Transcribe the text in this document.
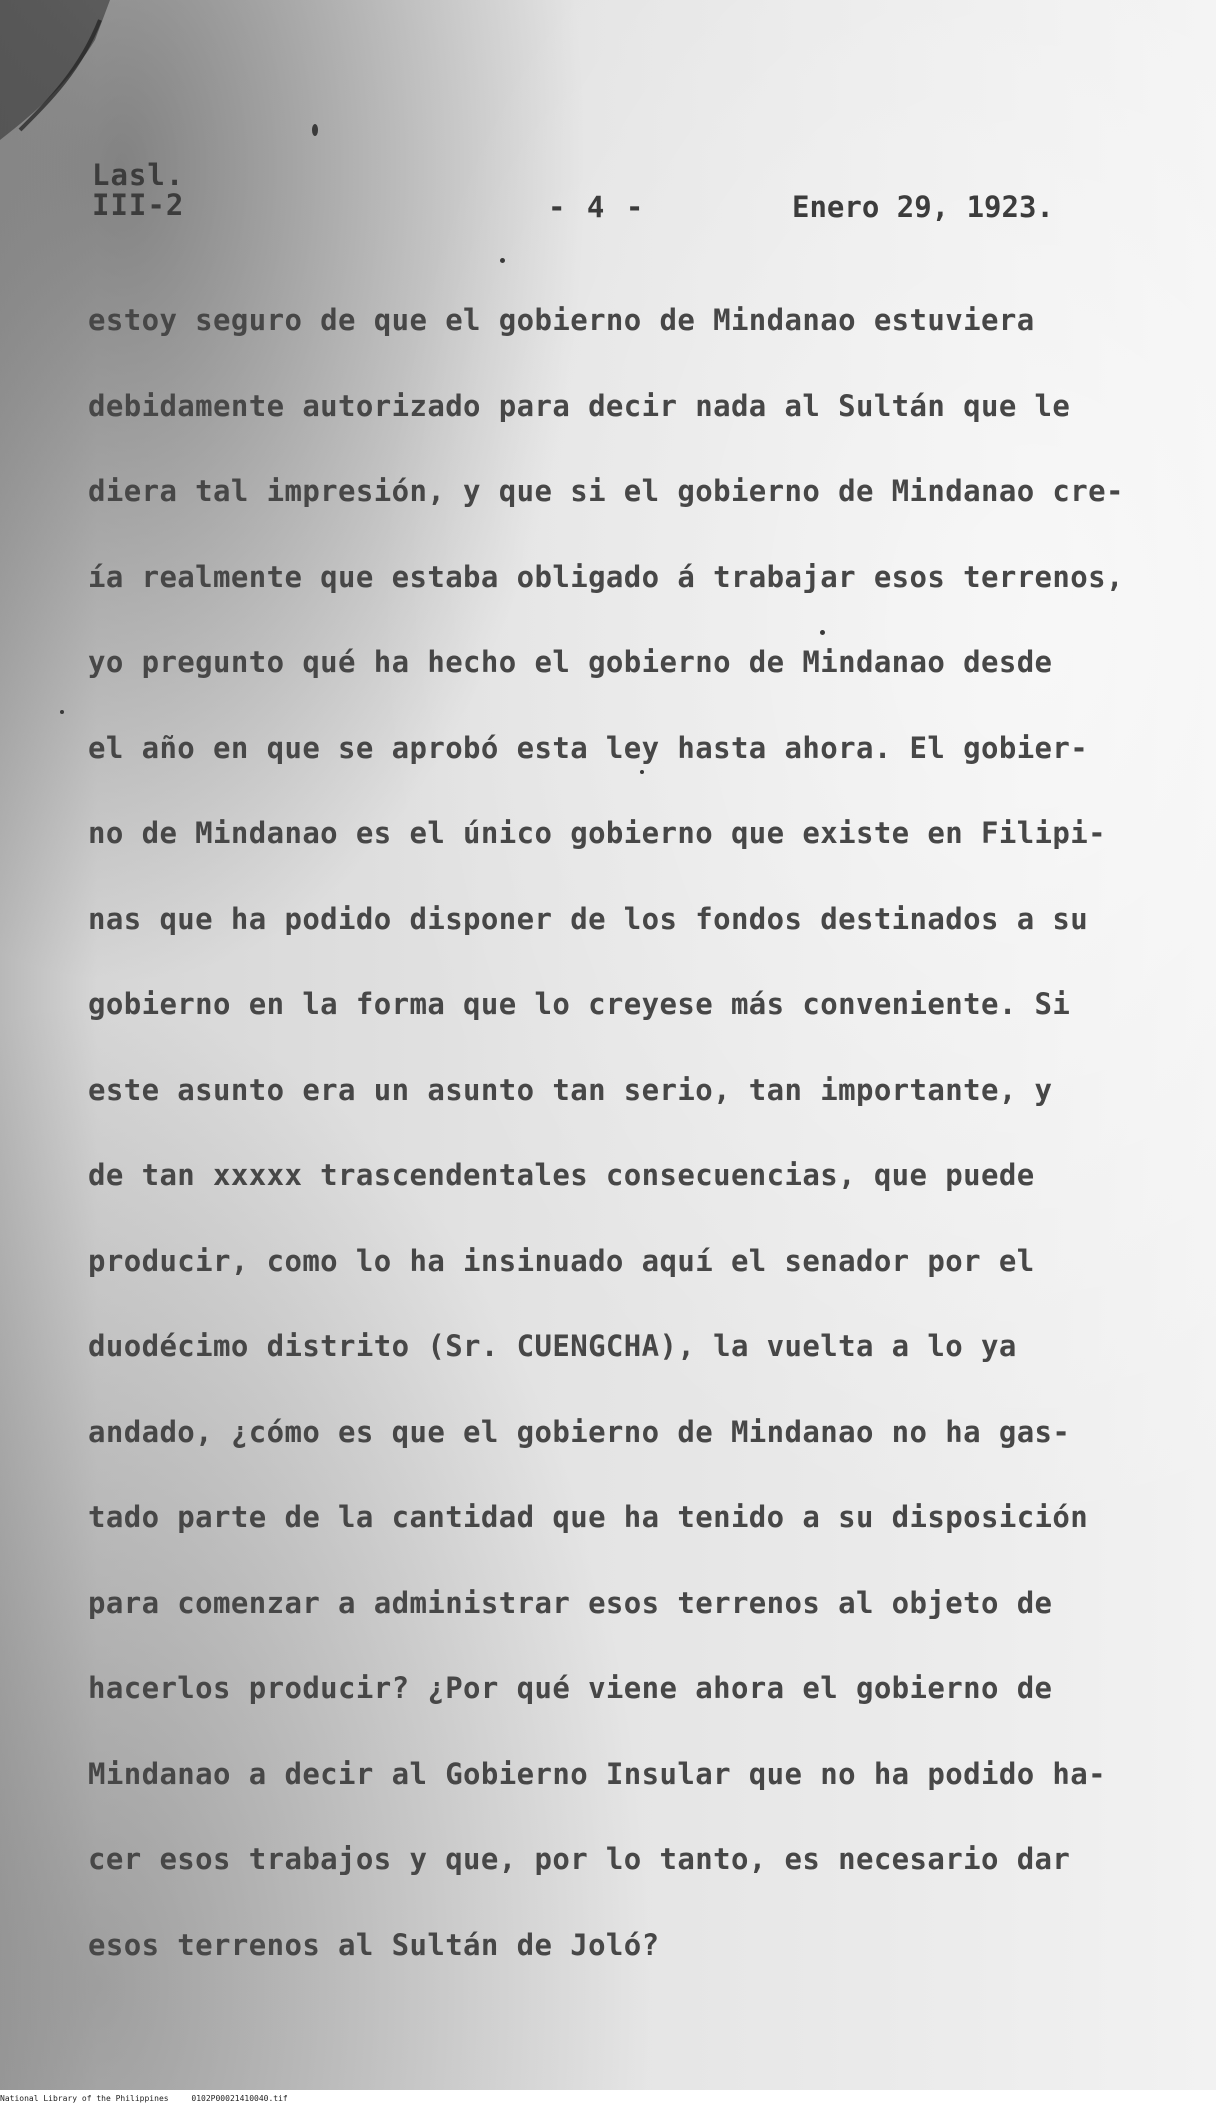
Lasl.
III-2	- 4 -	Enero 29, 1923.
estoy seguro de que el gobierno de Mindanao estuviera
debidamente autorizado para decir nada al Sultán que le
diera tal impresión, y que si el gobierno de Mindanao cre-
ía realmente que estaba obligado á trabajar esos terrenos,
yo pregunto qué ha hecho el gobierno de Mindanao desde
el año en que se aprobó esta ley hasta ahora. El gobier-
no de Mindanao es el único gobierno que existe en Filipi-
nas que ha podido disponer de los fondos destinados a su
gobierno en la forma que lo creyese más conveniente. Si
este asunto era un asunto tan serio, tan importante, y
de tan xxxxx trascendentales consecuencias, que puede
producir, como lo ha insinuado aquí el senador por el
duodécimo distrito (Sr. CUENGCHA), la vuelta a lo ya
andado, ¿cómo es que el gobierno de Mindanao no ha gas-
tado parte de la cantidad que ha tenido a su disposición
para comenzar a administrar esos terrenos al objeto de
hacerlos producir? ¿Por qué viene ahora el gobierno de
Mindanao a decir al Gobierno Insular que no ha podido ha-
cer esos trabajos y que, por lo tanto, es necesario dar
esos terrenos al Sultán de Joló?
National Library of the Philippines	0102P00021410040.tif
